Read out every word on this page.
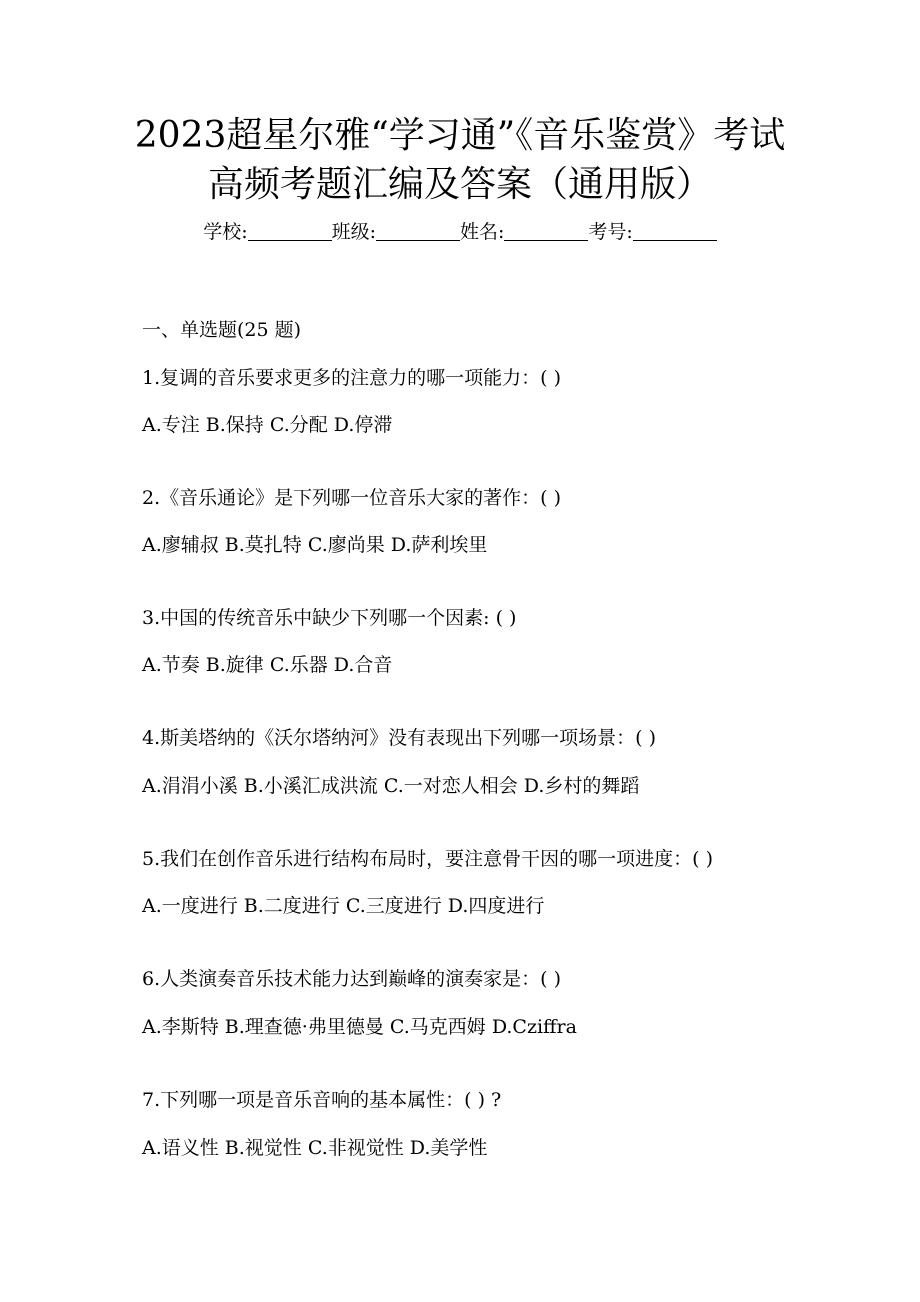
2023超星尔雅“学习通”《音乐鉴赏》考试
高频考题汇编及答案（通用版）
学校:	班级:	姓名:	考号:
一、单选题(25 题)
1.复调的音乐要求更多的注意力的哪一项能力：( )
A.专注 B.保持 C.分配 D.停滞
2.《音乐通论》是下列哪一位音乐大家的著作：( )
A.廖辅叔 B.莫扎特 C.廖尚果 D.萨利埃里
3.中国的传统音乐中缺少下列哪一个因素: ( )
A.节奏 B.旋律 C.乐器 D.合音
4.斯美塔纳的《沃尔塔纳河》没有表现出下列哪一项场景：( )
A.涓涓小溪 B.小溪汇成洪流 C.一对恋人相会 D.乡村的舞蹈
5.我们在创作音乐进行结构布局时，要注意骨干因的哪一项进度：( )
A.一度进行 B.二度进行 C.三度进行 D.四度进行
6.人类演奏音乐技术能力达到巅峰的演奏家是：( )
A.李斯特 B.理查德·弗里德曼 C.马克西姆 D.Cziffra
7.下列哪一项是音乐音响的基本属性：( ) ?
A.语义性 B.视觉性 C.非视觉性 D.美学性
